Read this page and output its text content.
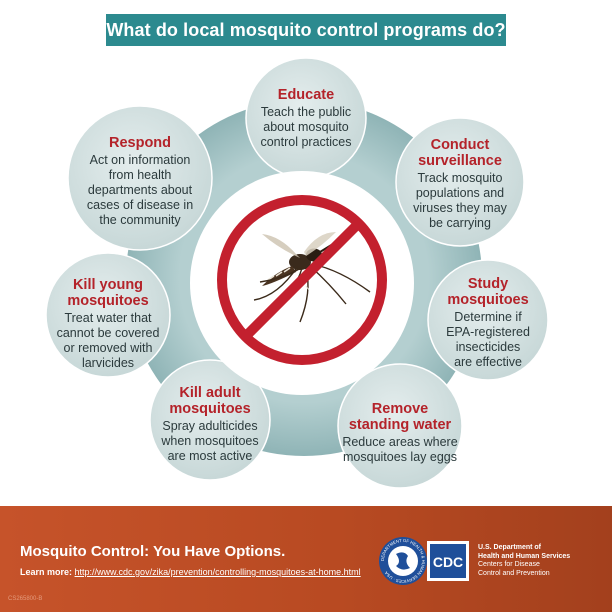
What do local mosquito control programs do?
Educate
Teach the public
about mosquito
control practices	Conduct
surveillance
Track mosquito
populations and
viruses they may
be carrying
Study
mosquitoes
Determine if
EPA-registered
insecticides
are effective
Remove
standing water
Reduce areas where
mosquitoes lay eggs
Kill adult
mosquitoes
Spray adulticides
when mosquitoes
are most active
Kill young
mosquitoes
Treat water that
cannot be covered
or removed with
larvicides
Respond
Act on information
from health
departments about
cases of disease in
the community
Mosquito Control: You Have Options.
Learn more: http://www.cdc.gov/zika/prevention/controlling-mosquitoes-at-home.html
CS265800-B
DEPARTMENT OF HEALTH & HUMAN SERVICES · USA
CDC
U.S. Department of
Health and Human Services
Centers for Disease
Control and Prevention
